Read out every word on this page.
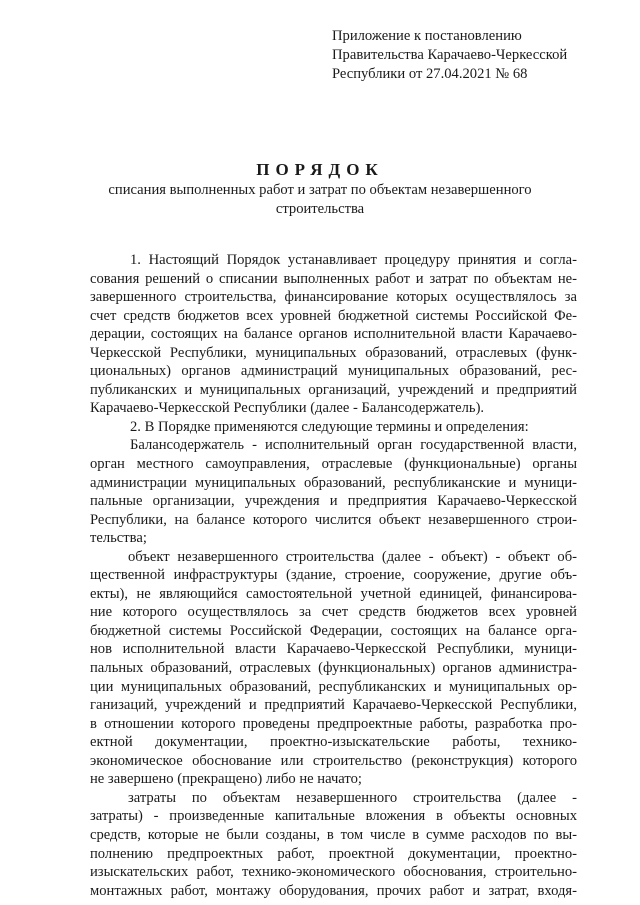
Приложение к постановлению
Правительства Карачаево-Черкесской
Республики от 27.04.2021 № 68
ПОРЯДОК
списания выполненных работ и затрат по объектам незавершенного
строительства
1. Настоящий Порядок устанавливает процедуру принятия и согла-
сования решений о списании выполненных работ и затрат по объектам не-
завершенного строительства, финансирование которых осуществлялось за
счет средств бюджетов всех уровней бюджетной системы Российской Фе-
дерации, состоящих на балансе органов исполнительной власти Карачаево-
Черкесской Республики, муниципальных образований, отраслевых (функ-
циональных) органов администраций муниципальных образований, рес-
публиканских и муниципальных организаций, учреждений и предприятий
Карачаево-Черкесской Республики (далее - Балансодержатель).
2. В Порядке применяются следующие термины и определения:
Балансодержатель - исполнительный орган государственной власти,
орган местного самоуправления, отраслевые (функциональные) органы
администрации муниципальных образований, республиканские и муници-
пальные организации, учреждения и предприятия Карачаево-Черкесской
Республики, на балансе которого числится объект незавершенного строи-
тельства;
объект незавершенного строительства (далее - объект) - объект об-
щественной инфраструктуры (здание, строение, сооружение, другие объ-
екты), не являющийся самостоятельной учетной единицей, финансирова-
ние которого осуществлялось за счет средств бюджетов всех уровней
бюджетной системы Российской Федерации, состоящих на балансе орга-
нов исполнительной власти Карачаево-Черкесской Республики, муници-
пальных образований, отраслевых (функциональных) органов администра-
ции муниципальных образований, республиканских и муниципальных ор-
ганизаций, учреждений и предприятий Карачаево-Черкесской Республики,
в отношении которого проведены предпроектные работы, разработка про-
ектной документации, проектно-изыскательские работы, технико-
экономическое обоснование или строительство (реконструкция) которого
не завершено (прекращено) либо не начато;
затраты по объектам незавершенного строительства (далее -
затраты) - произведенные капитальные вложения в объекты основных
средств, которые не были созданы, в том числе в сумме расходов по вы-
полнению предпроектных работ, проектной документации, проектно-
изыскательских работ, технико-экономического обоснования, строительно-
монтажных работ, монтажу оборудования, прочих работ и затрат, входя-
